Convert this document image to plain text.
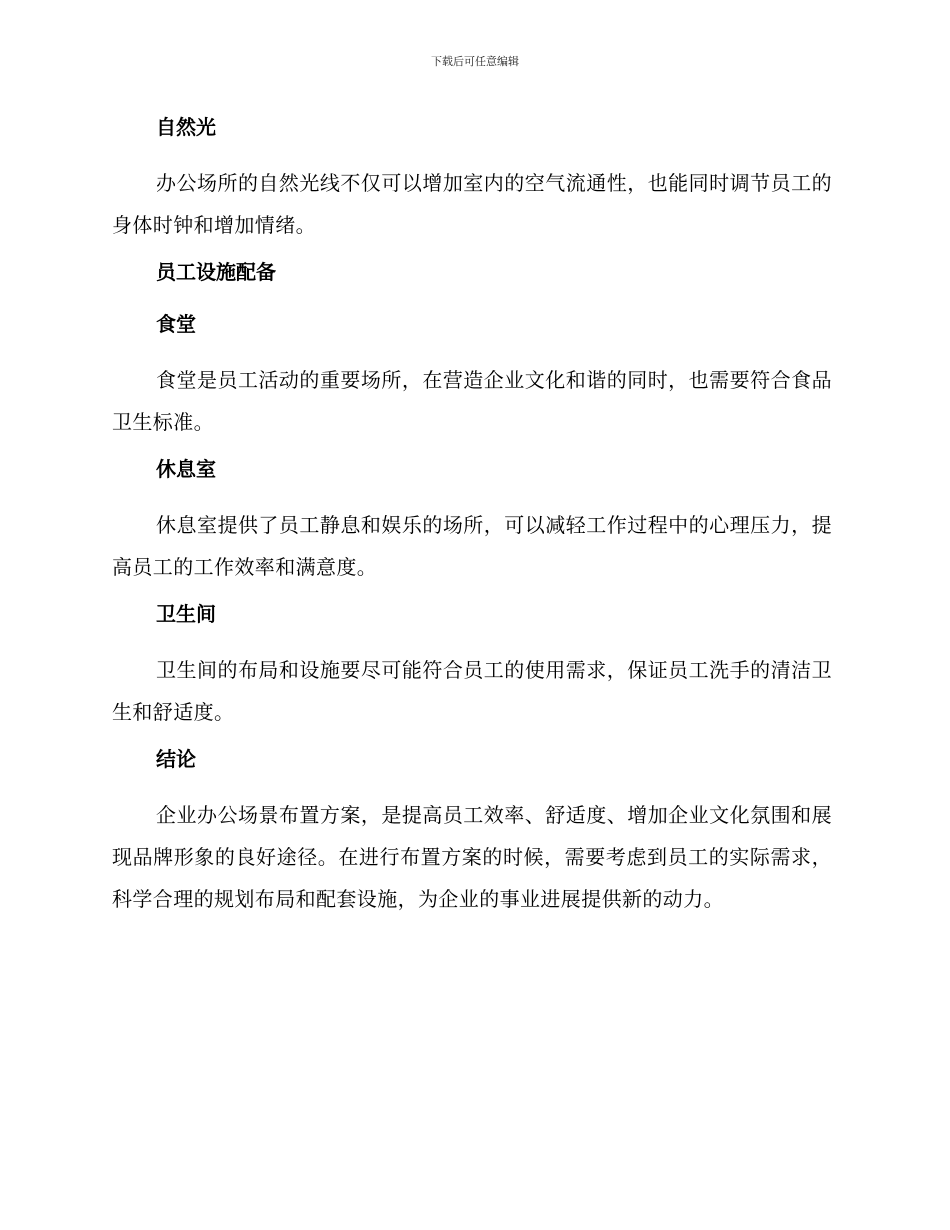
下载后可任意编辑
自然光

办公场所的自然光线不仅可以增加室内的空气流通性，也能同时调节员工的身体时钟和增加情绪。

员工设施配备
食堂

食堂是员工活动的重要场所，在营造企业文化和谐的同时，也需要符合食品卫生标准。

休息室

休息室提供了员工静息和娱乐的场所，可以减轻工作过程中的心理压力，提高员工的工作效率和满意度。

卫生间

卫生间的布局和设施要尽可能符合员工的使用需求，保证员工洗手的清洁卫生和舒适度。

结论

企业办公场景布置方案，是提高员工效率、舒适度、增加企业文化氛围和展现品牌形象的良好途径。在进行布置方案的时候，需要考虑到员工的实际需求，科学合理的规划布局和配套设施，为企业的事业进展提供新的动力。
